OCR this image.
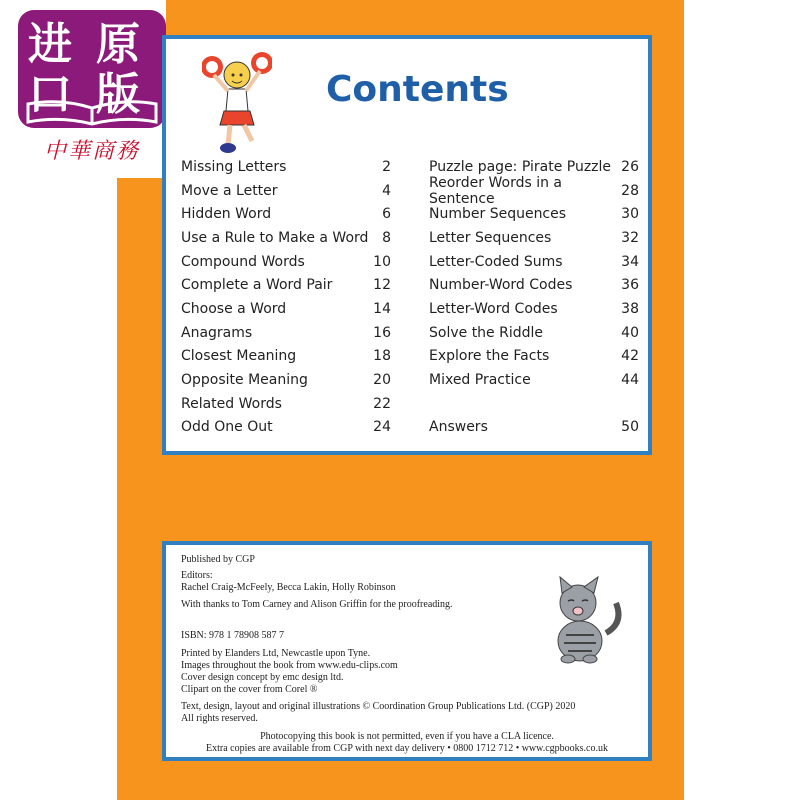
进 原
口 版
中華商務
Contents
Missing Letters	2
Move a Letter	4
Hidden Word	6
Use a Rule to Make a Word 8
Compound Words	10
Complete a Word Pair	12
Choose a Word	14
Anagrams	16
Closest Meaning	18
Opposite Meaning	20
Related Words	22
Odd One Out	24
Puzzle page: Pirate Puzzle 26
Reorder Words in a Sentence	28
Number Sequences	30
Letter Sequences	32
Letter-Coded Sums	34
Number-Word Codes	36
Letter-Word Codes	38
Solve the Riddle	40
Explore the Facts	42
Mixed Practice	44
Answers	50
Published by CGP
Editors:
Rachel Craig-McFeely, Becca Lakin, Holly Robinson
With thanks to Tom Carney and Alison Griffin for the proofreading.
ISBN: 978 1 78908 587 7
Printed by Elanders Ltd, Newcastle upon Tyne.
Images throughout the book from www.edu-clips.com
Cover design concept by emc design ltd.
Clipart on the cover from Corel ®
Text, design, layout and original illustrations © Coordination Group Publications Ltd. (CGP) 2020
All rights reserved.
Photocopying this book is not permitted, even if you have a CLA licence.
Extra copies are available from CGP with next day delivery • 0800 1712 712 • www.cgpbooks.co.uk
